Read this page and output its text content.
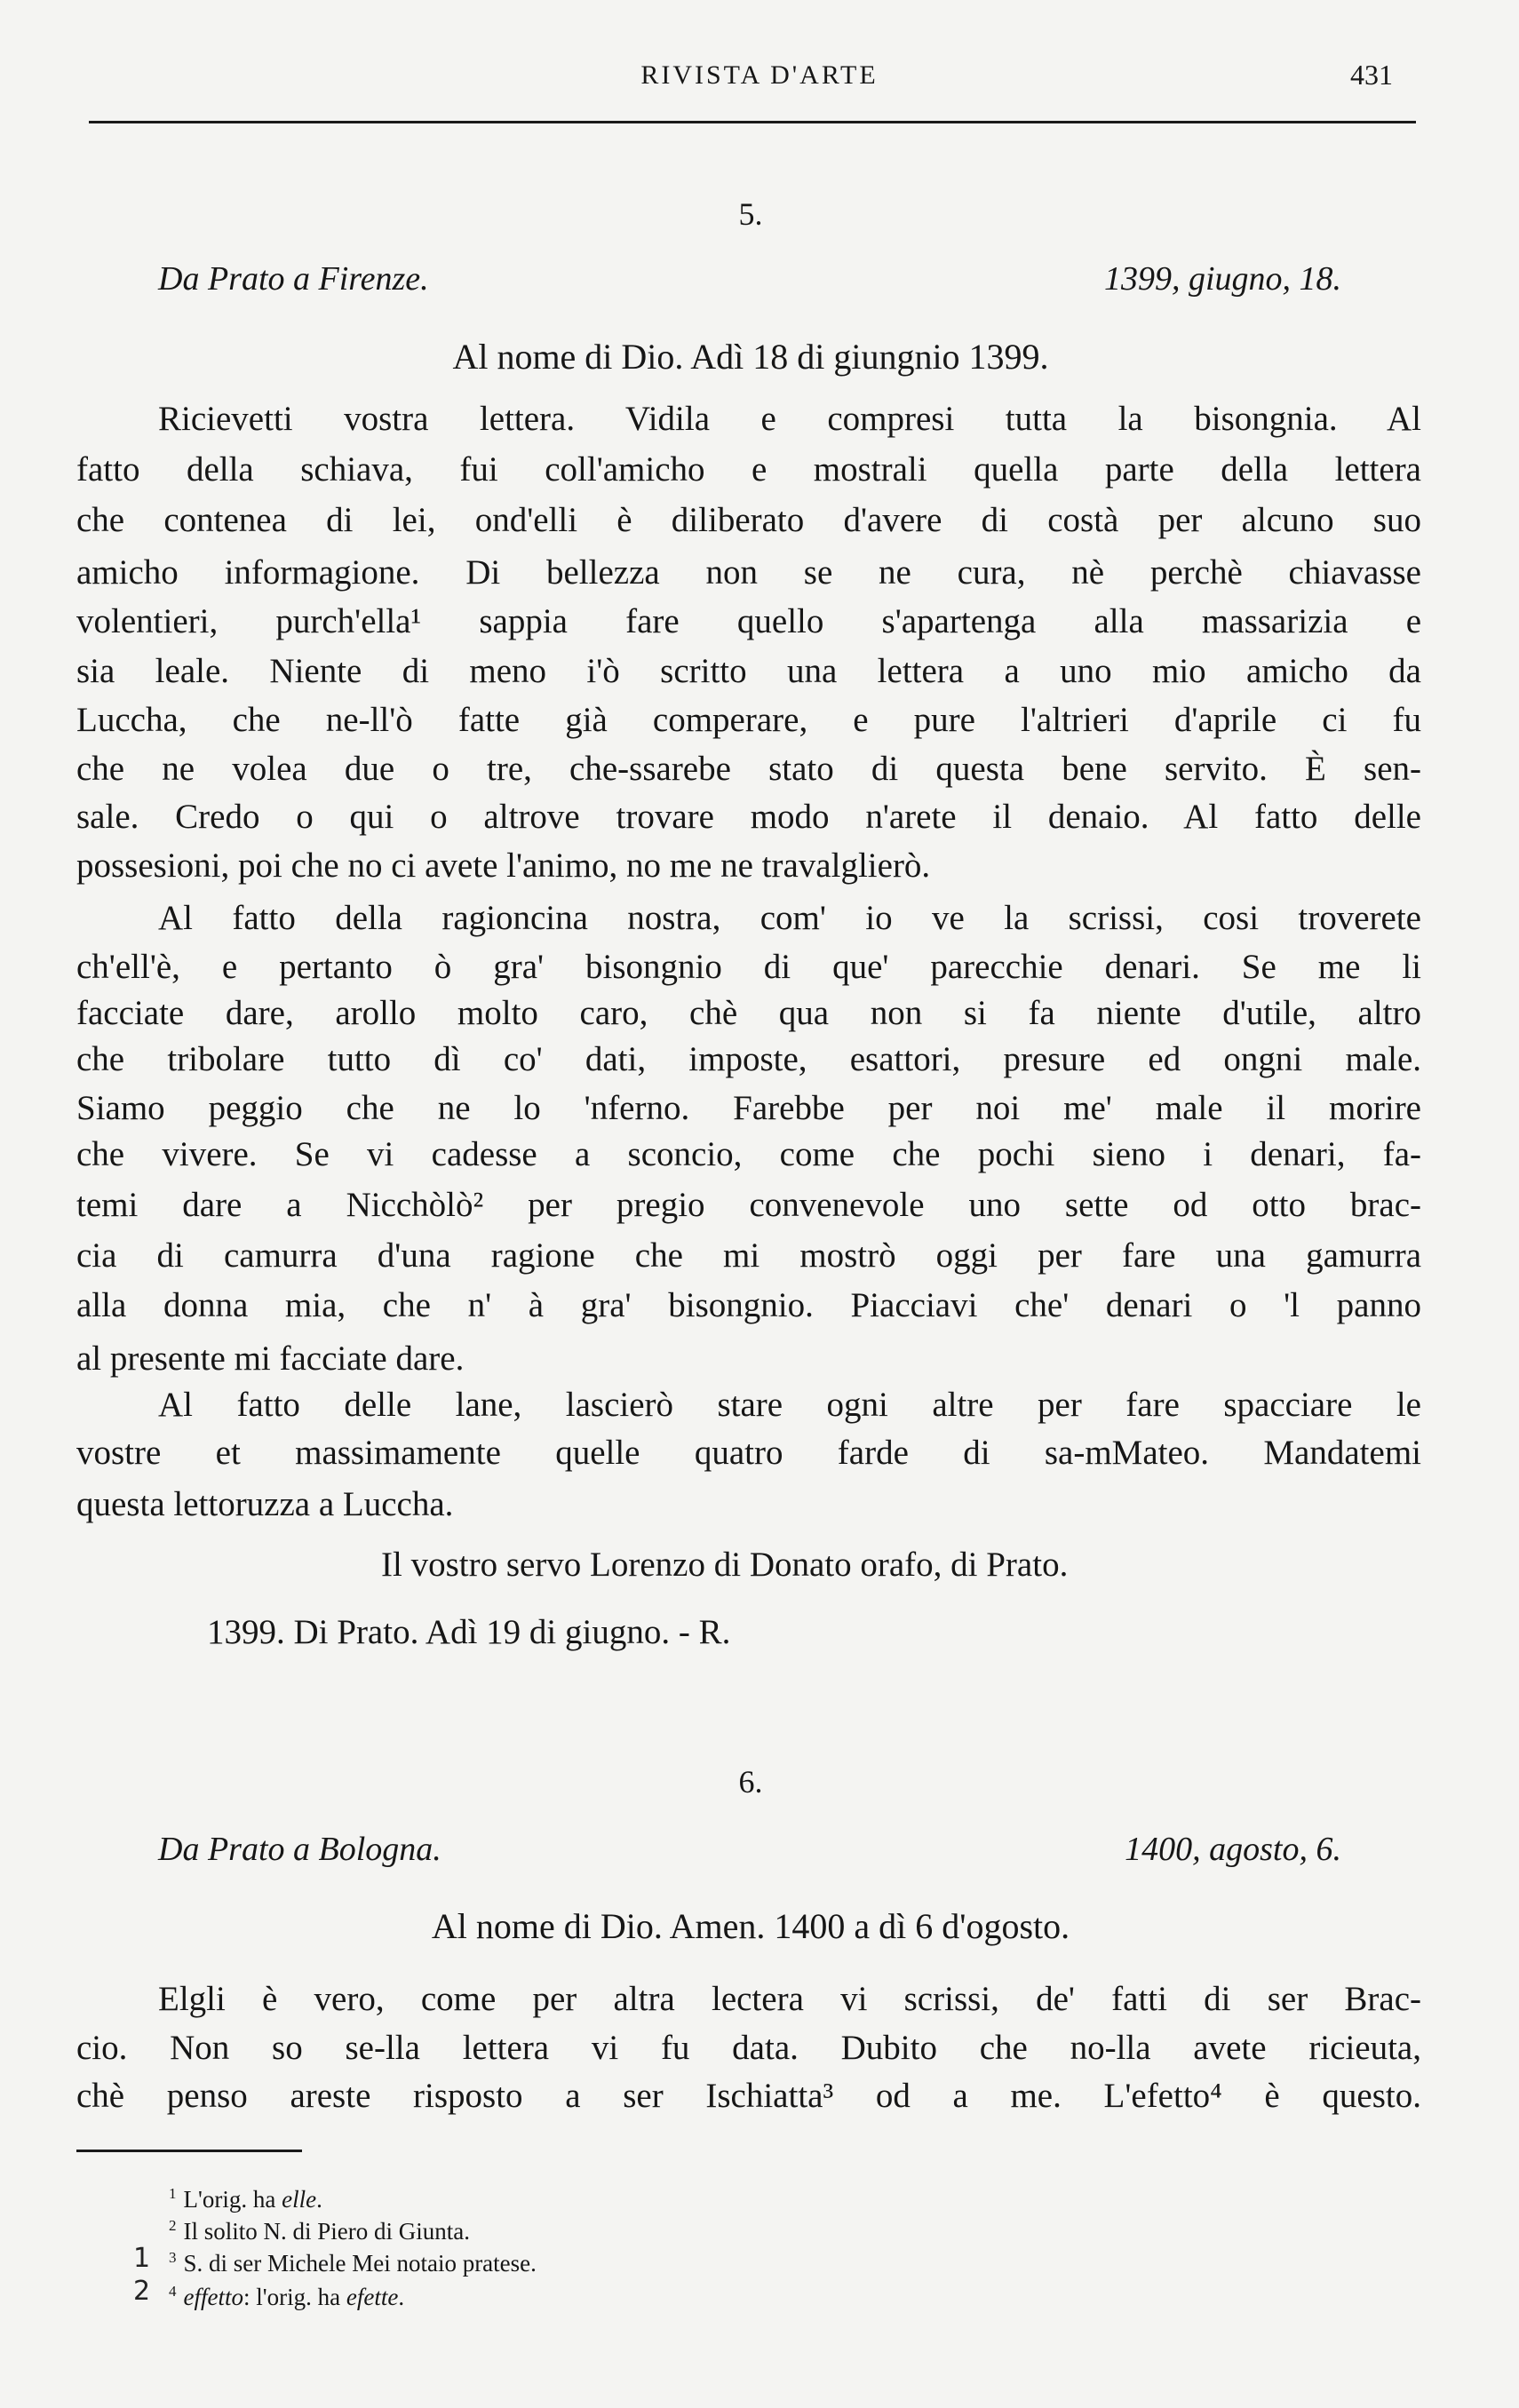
RIVISTA D'ARTE	431
5.
Da Prato a Firenze.	1399, giugno, 18.
Al nome di Dio. Adì 18 di giungnio 1399.
Ricievetti vostra lettera. Vidila e compresi tutta la bisongnia. Al
fatto della schiava, fui coll'amicho e mostrali quella parte della lettera
che contenea di lei, ond'elli è diliberato d'avere di costà per alcuno suo
amicho informagione. Di bellezza non se ne cura, nè perchè chiavasse
volentieri, purch'ella¹ sappia fare quello s'apartenga alla massarizia e
sia leale. Niente di meno i'ò scritto una lettera a uno mio amicho da
Luccha, che ne-ll'ò fatte già comperare, e pure l'altrieri d'aprile ci fu
che ne volea due o tre, che-ssarebe stato di questa bene servito. È sen-
sale. Credo o qui o altrove trovare modo n'arete il denaio. Al fatto delle
possesioni, poi che no ci avete l'animo, no me ne travalglierò.
Al fatto della ragioncina nostra, com' io ve la scrissi, cosi troverete
ch'ell'è, e pertanto ò gra' bisongnio di que' parecchie denari. Se me li
facciate dare, arollo molto caro, chè qua non si fa niente d'utile, altro
che tribolare tutto dì co' dati, imposte, esattori, presure ed ongni male.
Siamo peggio che ne lo 'nferno. Farebbe per noi me' male il morire
che vivere. Se vi cadesse a sconcio, come che pochi sieno i denari, fa-
temi dare a Nicchòlò² per pregio convenevole uno sette od otto brac-
cia di camurra d'una ragione che mi mostrò oggi per fare una gamurra
alla donna mia, che n' à gra' bisongnio. Piacciavi che' denari o 'l panno
al presente mi facciate dare.
Al fatto delle lane, lascierò stare ogni altre per fare spacciare le
vostre et massimamente quelle quatro farde di sa-mMateo. Mandatemi
questa lettoruzza a Luccha.
Il vostro servo Lorenzo di Donato orafo, di Prato.
1399. Di Prato. Adì 19 di giugno. - R.
6.
Da Prato a Bologna.	1400, agosto, 6.
Al nome di Dio. Amen. 1400 a dì 6 d'ogosto.
Elgli è vero, come per altra lectera vi scrissi, de' fatti di ser Brac-
cio. Non so se-lla lettera vi fu data. Dubito che no-lla avete ricieuta,
chè penso areste risposto a ser Ischiatta³ od a me. L'efetto⁴ è questo.
$^1$ L'orig. ha elle.
$^2$ Il solito N. di Piero di Giunta.
$^3$ S. di ser Michele Mei notaio pratese.
$^4$ effetto: l'orig. ha efette.
1
2
